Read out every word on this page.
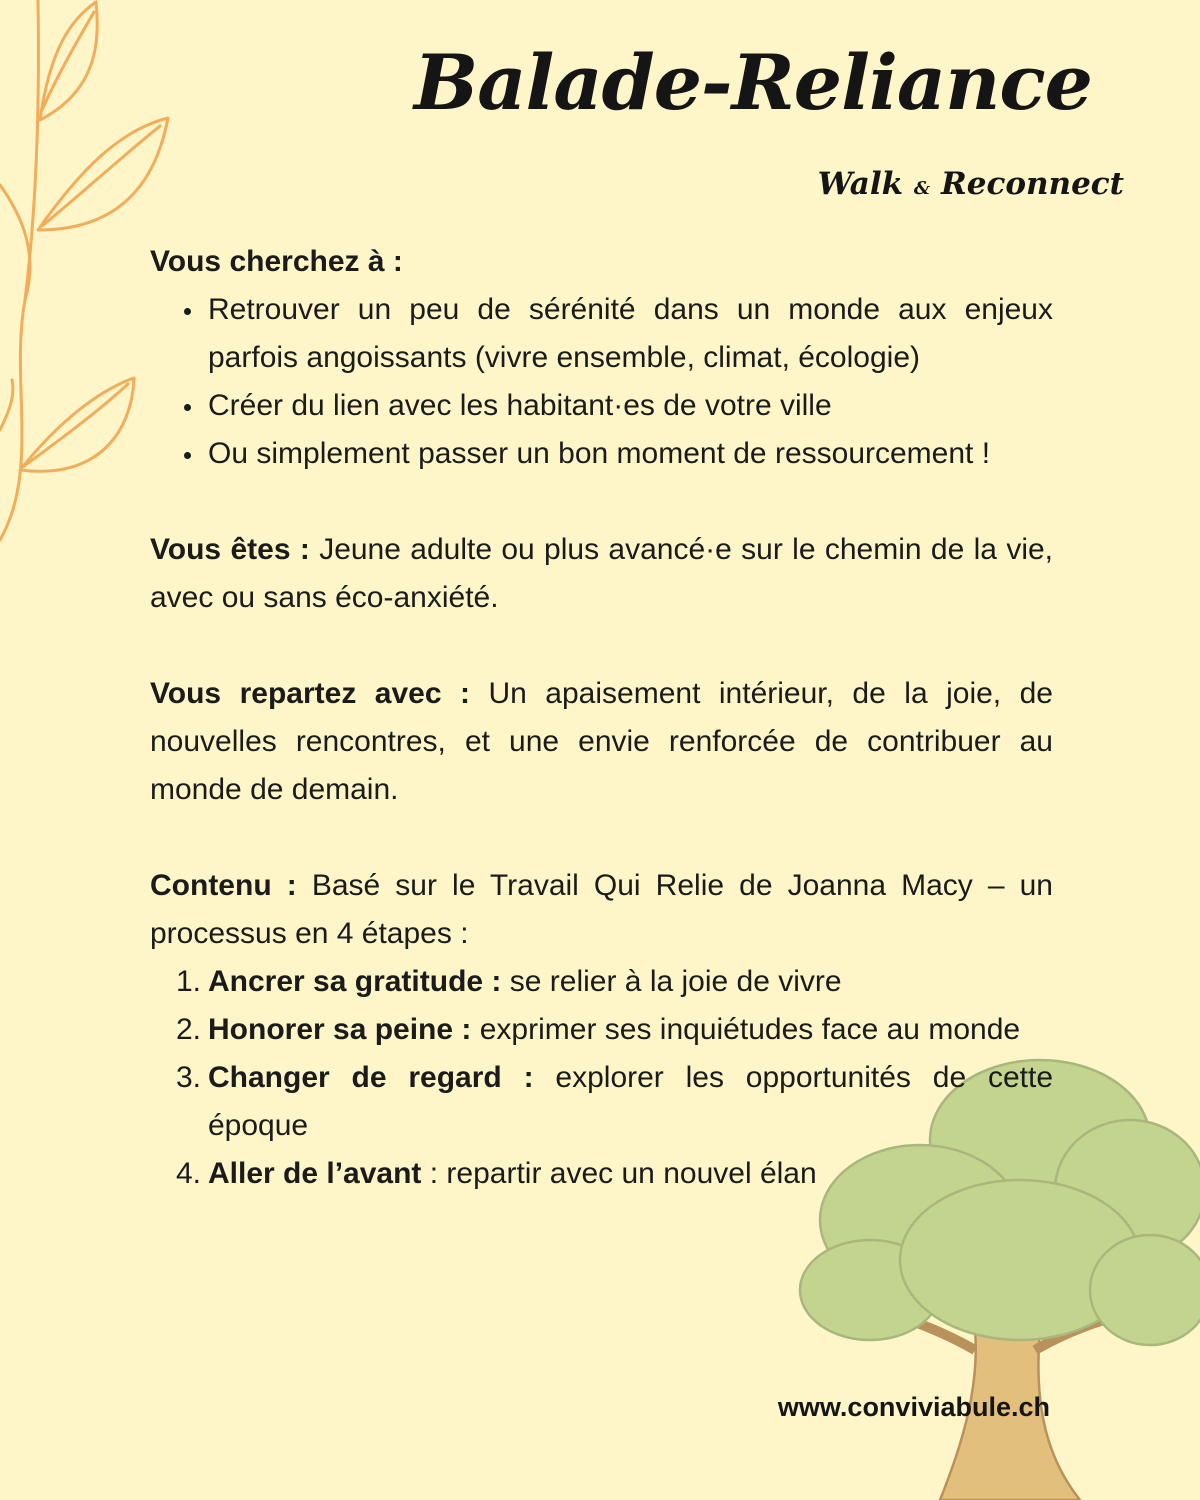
Balade-Reliance
Walk & Reconnect

Vous cherchez à :

Retrouver un peu de sérénité dans un monde aux enjeux parfois angoissants (vivre ensemble, climat, écologie)
Créer du lien avec les habitant·es de votre ville
Ou simplement passer un bon moment de ressourcement !

Vous êtes : Jeune adulte ou plus avancé·e sur le chemin de la vie, avec ou sans éco-anxiété.

Vous repartez avec : Un apaisement intérieur, de la joie, de nouvelles rencontres, et une envie renforcée de contribuer au monde de demain.

Contenu : Basé sur le Travail Qui Relie de Joanna Macy – un processus en 4 étapes :

1. Ancrer sa gratitude : se relier à la joie de vivre
2. Honorer sa peine : exprimer ses inquiétudes face au monde
3. Changer de regard : explorer les opportunités de cette époque
4. Aller de l’avant : repartir avec un nouvel élan
www.conviviabule.ch
